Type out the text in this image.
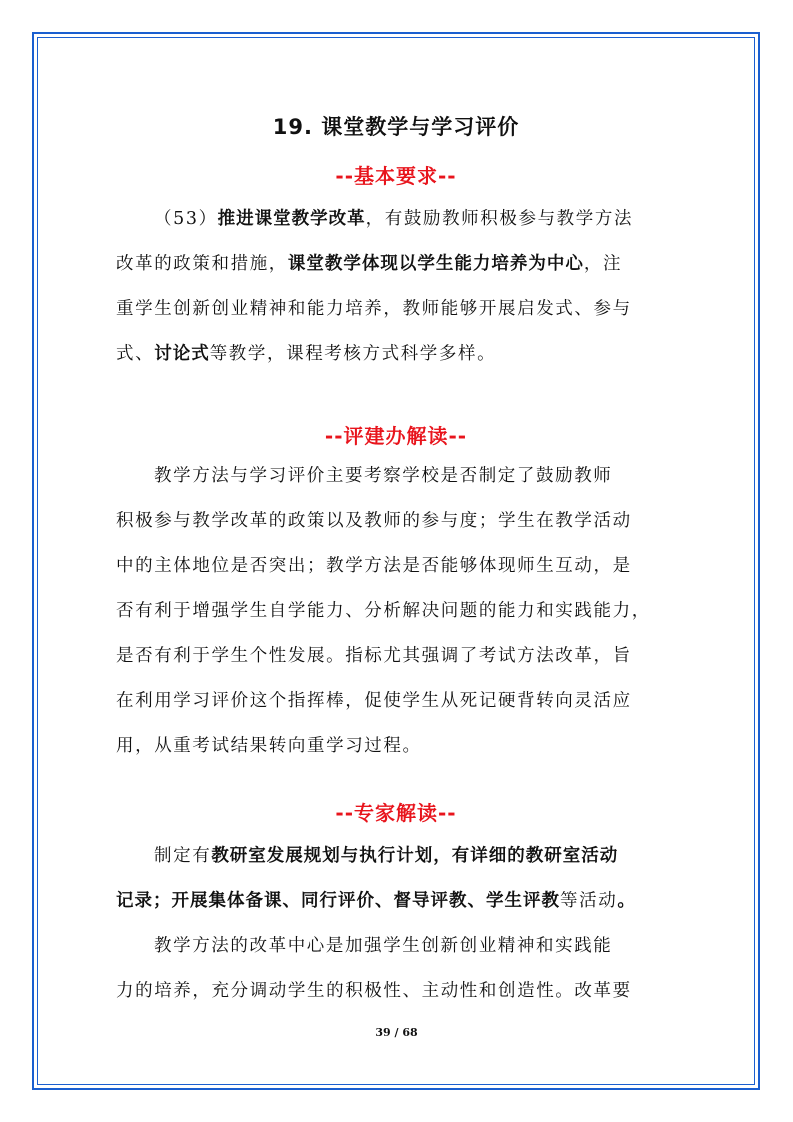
19. 课堂教学与学习评价
--基本要求--
（53）推进课堂教学改革，有鼓励教师积极参与教学方法
改革的政策和措施，课堂教学体现以学生能力培养为中心，注
重学生创新创业精神和能力培养，教师能够开展启发式、参与
式、讨论式等教学，课程考核方式科学多样。
--评建办解读--
教学方法与学习评价主要考察学校是否制定了鼓励教师
积极参与教学改革的政策以及教师的参与度；学生在教学活动
中的主体地位是否突出；教学方法是否能够体现师生互动，是
否有利于增强学生自学能力、分析解决问题的能力和实践能力，
是否有利于学生个性发展。指标尤其强调了考试方法改革，旨
在利用学习评价这个指挥棒，促使学生从死记硬背转向灵活应
用，从重考试结果转向重学习过程。
--专家解读--
制定有教研室发展规划与执行计划，有详细的教研室活动
记录；开展集体备课、同行评价、督导评教、学生评教等活动。
教学方法的改革中心是加强学生创新创业精神和实践能
力的培养，充分调动学生的积极性、主动性和创造性。改革要
39 / 68
